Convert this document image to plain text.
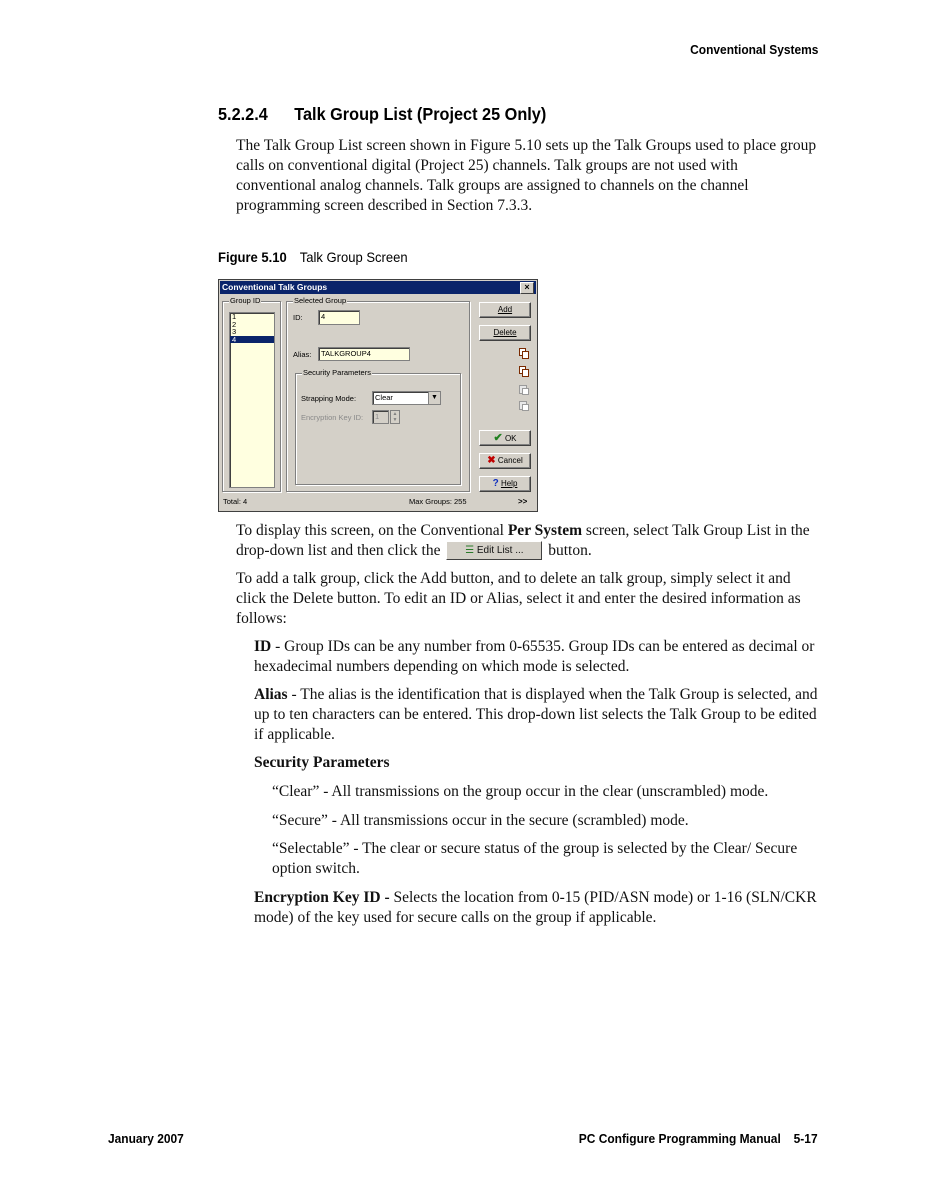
Conventional Systems
5.2.2.4 Talk Group List (Project 25 Only)
The Talk Group List screen shown in Figure 5.10 sets up the Talk Groups used to place group calls on conventional digital (Project 25) channels. Talk groups are not used with conventional analog channels. Talk groups are assigned to channels on the channel programming screen described in Section 7.3.3.
Figure 5.10 Talk Group Screen
Conventional Talk Groups	×
Group ID
1
2
3
4
Selected Group
ID:	4
Alias:	TALKGROUP4
Security Parameters
Strapping Mode:	Clear	▼
Encryption Key ID:	1	▲
▼
Add
Delete
✔ OK
✖ Cancel
? Help
Total: 4	Max Groups: 255	>>
To display this screen, on the Conventional Per System screen, select Talk Group List in the drop-down list and then click the ☰ Edit List ... button.
To add a talk group, click the Add button, and to delete an talk group, simply select it and click the Delete button. To edit an ID or Alias, select it and enter the desired information as follows:
ID - Group IDs can be any number from 0-65535. Group IDs can be entered as decimal or hexadecimal numbers depending on which mode is selected.
Alias - The alias is the identification that is displayed when the Talk Group is selected, and up to ten characters can be entered. This drop-down list selects the Talk Group to be edited if applicable.
Security Parameters
“Clear” - All transmissions on the group occur in the clear (unscrambled) mode.
“Secure” - All transmissions occur in the secure (scrambled) mode.
“Selectable” - The clear or secure status of the group is selected by the Clear/ Secure option switch.
Encryption Key ID - Selects the location from 0-15 (PID/ASN mode) or 1-16 (SLN/CKR mode) of the key used for secure calls on the group if applicable.
January 2007	PC Configure Programming Manual 5-17
